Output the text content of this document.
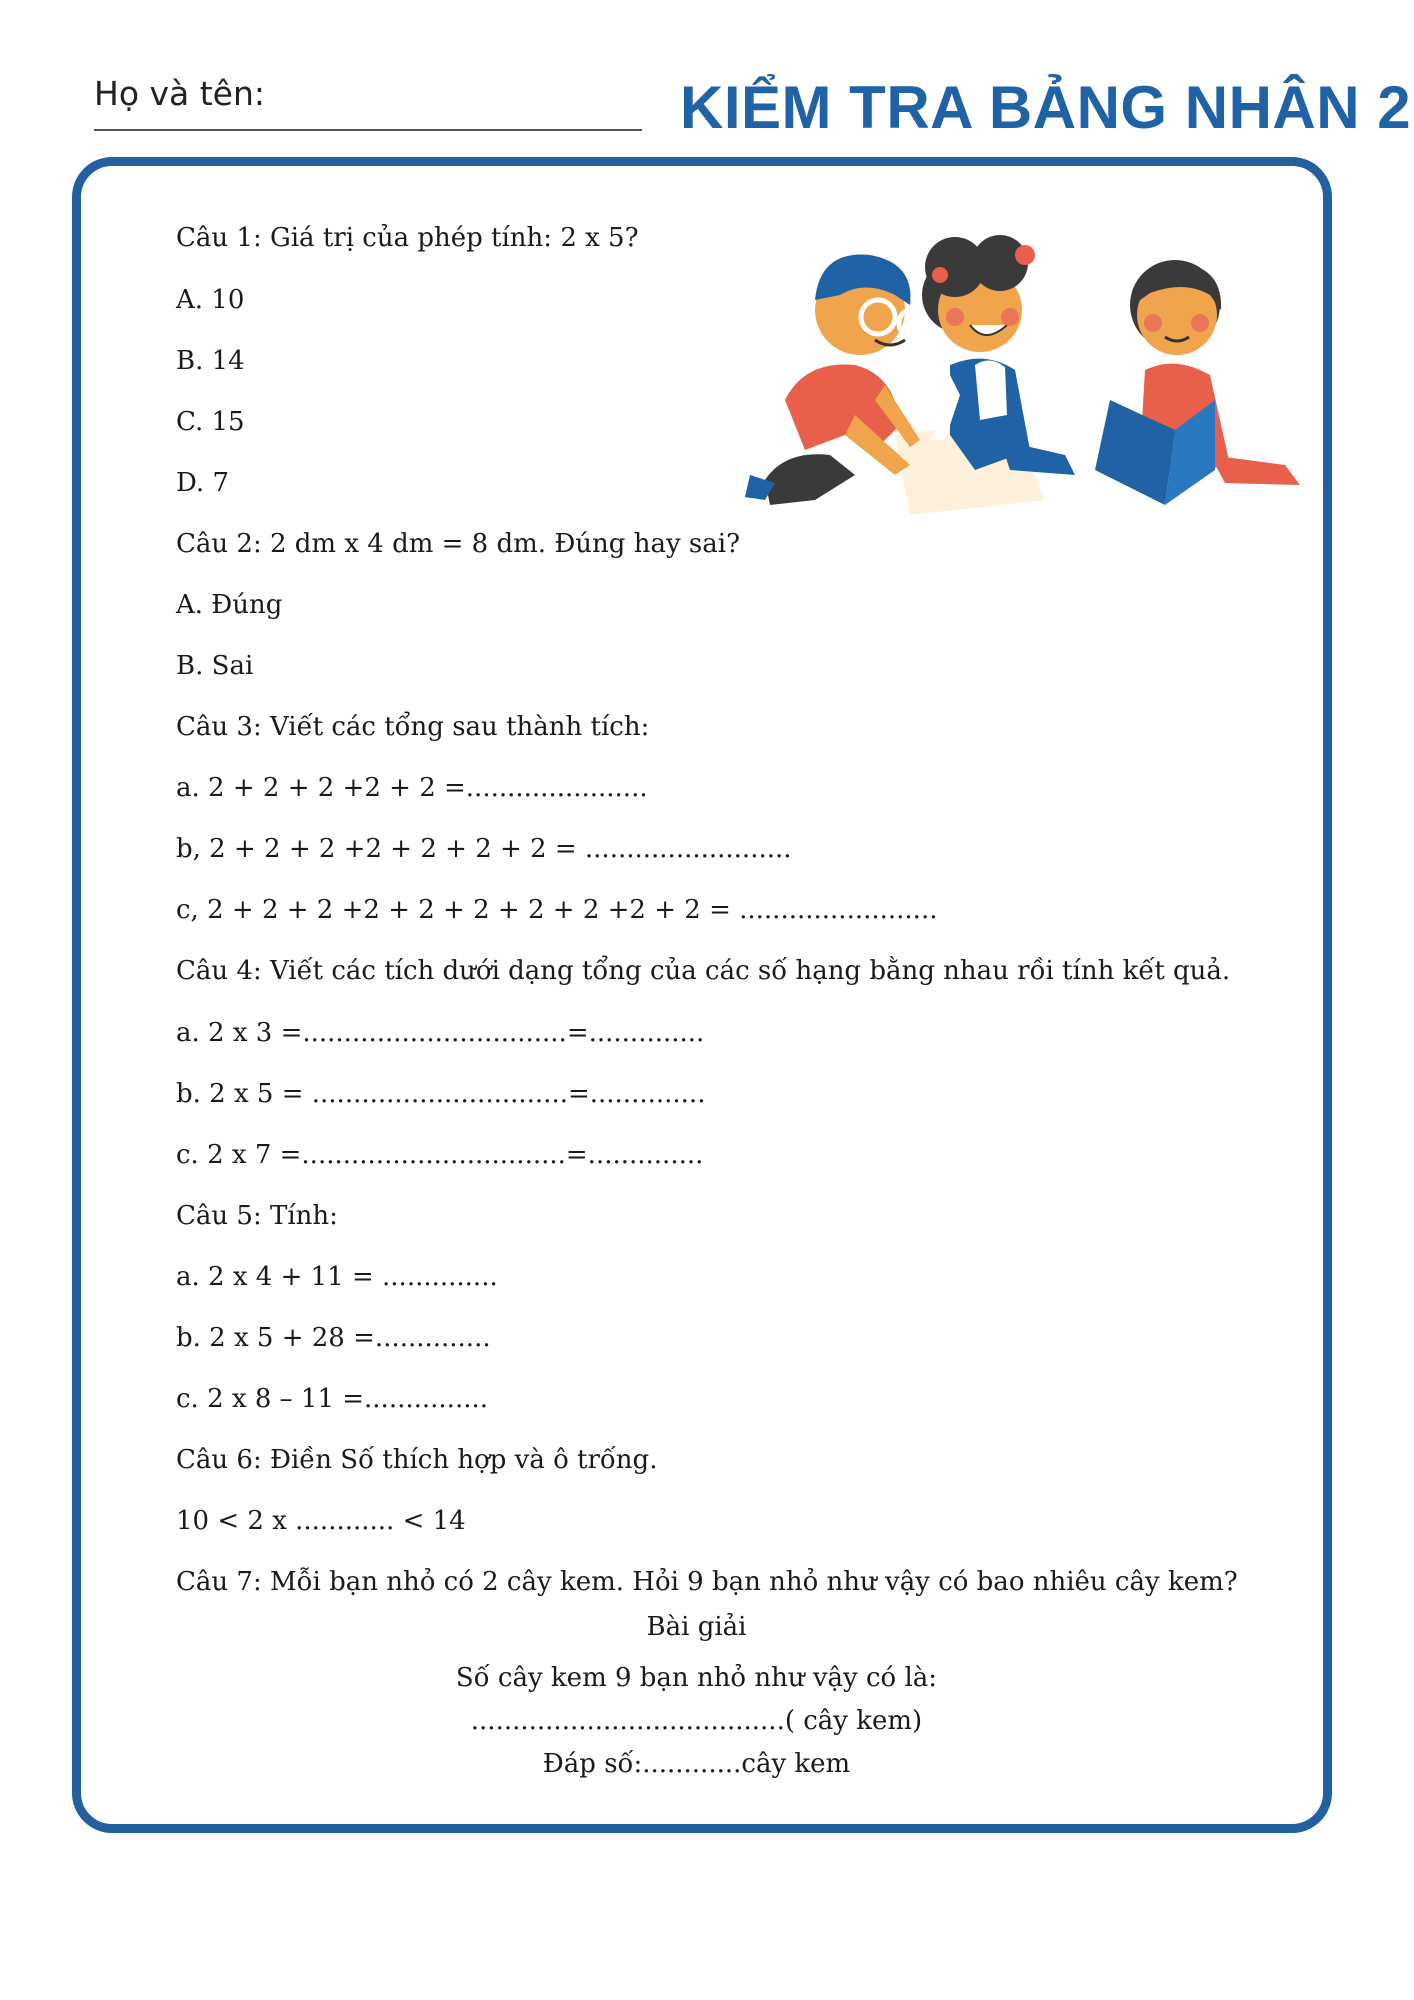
Họ và tên:	KIỂM TRA BẢNG NHÂN 2
Câu 1: Giá trị của phép tính: 2 x 5?
A. 10
B. 14
C. 15
D. 7
Câu 2: 2 dm x 4 dm = 8 dm. Đúng hay sai?
A. Đúng
B. Sai
Câu 3: Viết các tổng sau thành tích:
a. 2 + 2 + 2 +2 + 2 =......................
b, 2 + 2 + 2 +2 + 2 + 2 + 2 = .........................
c, 2 + 2 + 2 +2 + 2 + 2 + 2 + 2 +2 + 2 = ........................
Câu 4: Viết các tích dưới dạng tổng của các số hạng bằng nhau rồi tính kết quả.
a. 2 x 3 =................................=..............
b. 2 x 5 = ...............................=..............
c. 2 x 7 =................................=..............
Câu 5: Tính:
a. 2 x 4 + 11 = ..............
b. 2 x 5 + 28 =..............
c. 2 x 8 – 11 =...............
Câu 6: Điền Số thích hợp và ô trống.
10 < 2 x ............ < 14
Câu 7: Mỗi bạn nhỏ có 2 cây kem. Hỏi 9 bạn nhỏ như vậy có bao nhiêu cây kem?
Bài giải
Số cây kem 9 bạn nhỏ như vậy có là:
......................................( cây kem)
Đáp số:............cây kem
